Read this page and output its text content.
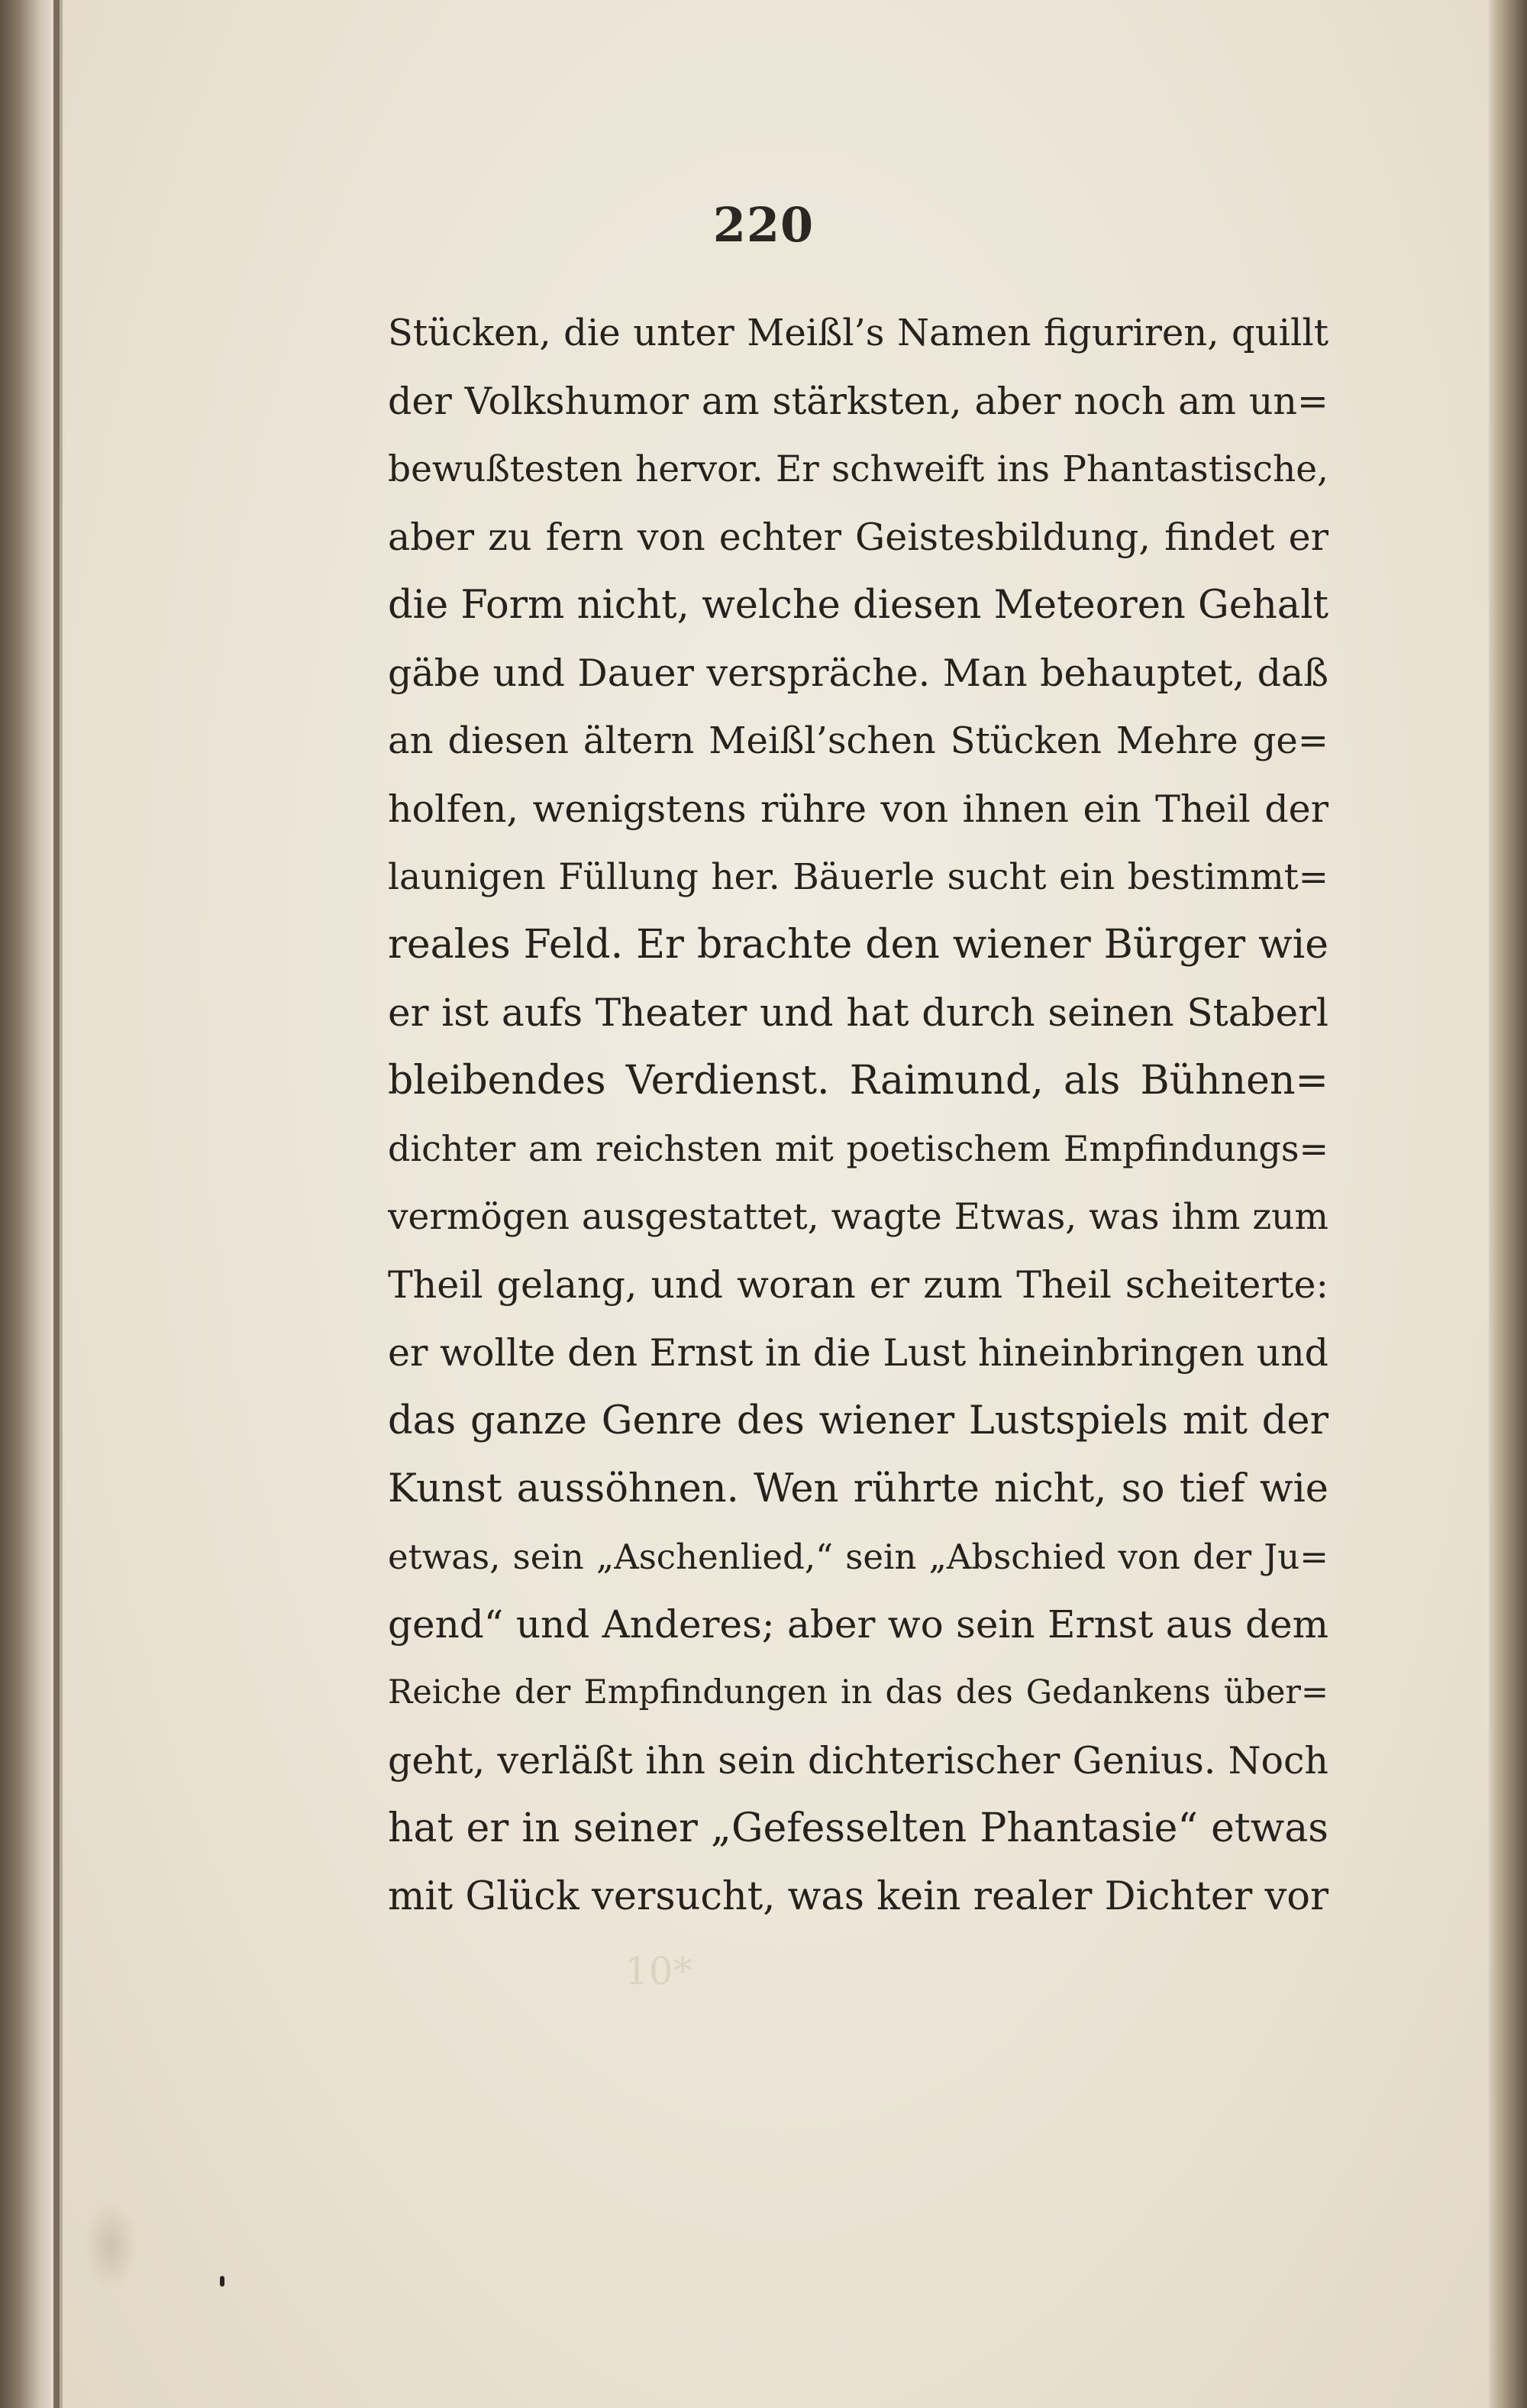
220
Stücken, die unter Meißl’s Namen figuriren, quillt
der Volkshumor am stärksten, aber noch am un=
bewußtesten hervor. Er schweift ins Phantastische,
aber zu fern von echter Geistesbildung, findet er
die Form nicht, welche diesen Meteoren Gehalt
gäbe und Dauer verspräche. Man behauptet, daß
an diesen ältern Meißl’schen Stücken Mehre ge=
holfen, wenigstens rühre von ihnen ein Theil der
launigen Füllung her. Bäuerle sucht ein bestimmt=
reales Feld. Er brachte den wiener Bürger wie
er ist aufs Theater und hat durch seinen Staberl
bleibendes Verdienst. Raimund, als Bühnen=
dichter am reichsten mit poetischem Empfindungs=
vermögen ausgestattet, wagte Etwas, was ihm zum
Theil gelang, und woran er zum Theil scheiterte:
er wollte den Ernst in die Lust hineinbringen und
das ganze Genre des wiener Lustspiels mit der
Kunst aussöhnen. Wen rührte nicht, so tief wie
etwas, sein „Aschenlied,“ sein „Abschied von der Ju=
gend“ und Anderes; aber wo sein Ernst aus dem
Reiche der Empfindungen in das des Gedankens über=
geht, verläßt ihn sein dichterischer Genius. Noch
hat er in seiner „Gefesselten Phantasie“ etwas
mit Glück versucht, was kein realer Dichter vor
10*
